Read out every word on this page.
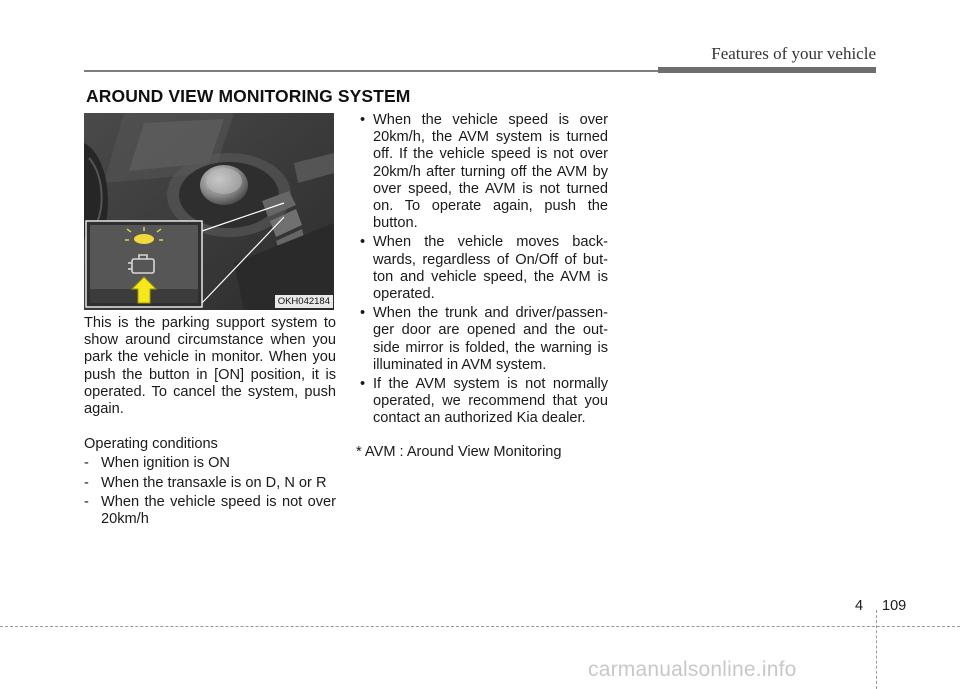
Features of your vehicle
AROUND VIEW MONITORING SYSTEM
OKH042184

This is the parking support system to show around circumstance when you park the vehicle in monitor. When you push the button in [ON] position, it is operated. To cancel the system, push again.

Operating conditions

- When ignition is ON
- When the transaxle is on D, N or R
- When the vehicle speed is not over 20km/h
• When the vehicle speed is over 20km/h, the AVM system is turned off. If the vehicle speed is not over 20km/h after turning off the AVM by over speed, the AVM is not turned on. To operate again, push the button.
• When the vehicle moves back-wards, regardless of On/Off of but-ton and vehicle speed, the AVM is operated.
• When the trunk and driver/passen-ger door are opened and the out-side mirror is folded, the warning is illuminated in AVM system.
• If the AVM system is not normally operated, we recommend that you contact an authorized Kia dealer.

* AVM : Around View Monitoring

4 109
carmanualsonline.info
